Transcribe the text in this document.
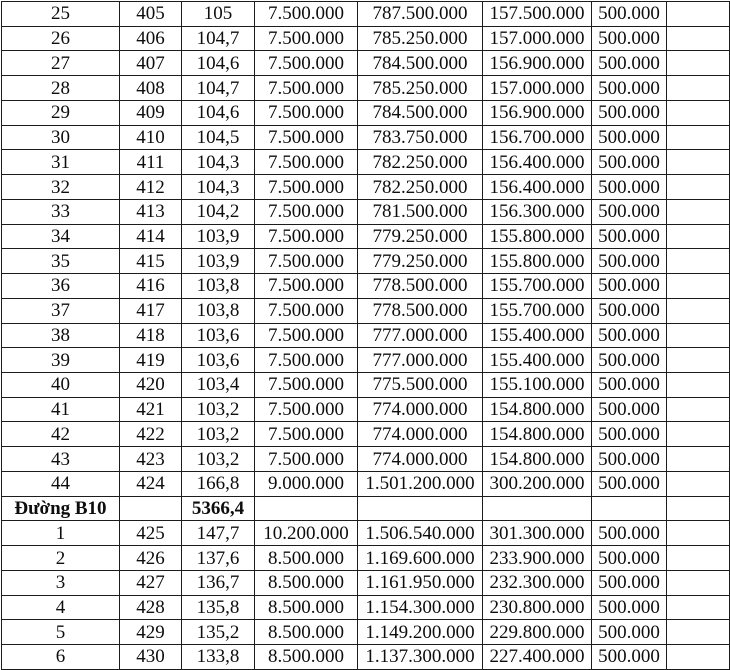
25	405	105	7.500.000	787.500.000	157.500.000	500.000	
26	406	104,7	7.500.000	785.250.000	157.000.000	500.000	
27	407	104,6	7.500.000	784.500.000	156.900.000	500.000	
28	408	104,7	7.500.000	785.250.000	157.000.000	500.000	
29	409	104,6	7.500.000	784.500.000	156.900.000	500.000	
30	410	104,5	7.500.000	783.750.000	156.700.000	500.000	
31	411	104,3	7.500.000	782.250.000	156.400.000	500.000	
32	412	104,3	7.500.000	782.250.000	156.400.000	500.000	
33	413	104,2	7.500.000	781.500.000	156.300.000	500.000	
34	414	103,9	7.500.000	779.250.000	155.800.000	500.000	
35	415	103,9	7.500.000	779.250.000	155.800.000	500.000	
36	416	103,8	7.500.000	778.500.000	155.700.000	500.000	
37	417	103,8	7.500.000	778.500.000	155.700.000	500.000	
38	418	103,6	7.500.000	777.000.000	155.400.000	500.000	
39	419	103,6	7.500.000	777.000.000	155.400.000	500.000	
40	420	103,4	7.500.000	775.500.000	155.100.000	500.000	
41	421	103,2	7.500.000	774.000.000	154.800.000	500.000	
42	422	103,2	7.500.000	774.000.000	154.800.000	500.000	
43	423	103,2	7.500.000	774.000.000	154.800.000	500.000	
44	424	166,8	9.000.000	1.501.200.000	300.200.000	500.000	
Đường B10		5366,4					
1	425	147,7	10.200.000	1.506.540.000	301.300.000	500.000	
2	426	137,6	8.500.000	1.169.600.000	233.900.000	500.000	
3	427	136,7	8.500.000	1.161.950.000	232.300.000	500.000	
4	428	135,8	8.500.000	1.154.300.000	230.800.000	500.000	
5	429	135,2	8.500.000	1.149.200.000	229.800.000	500.000	
6	430	133,8	8.500.000	1.137.300.000	227.400.000	500.000	
